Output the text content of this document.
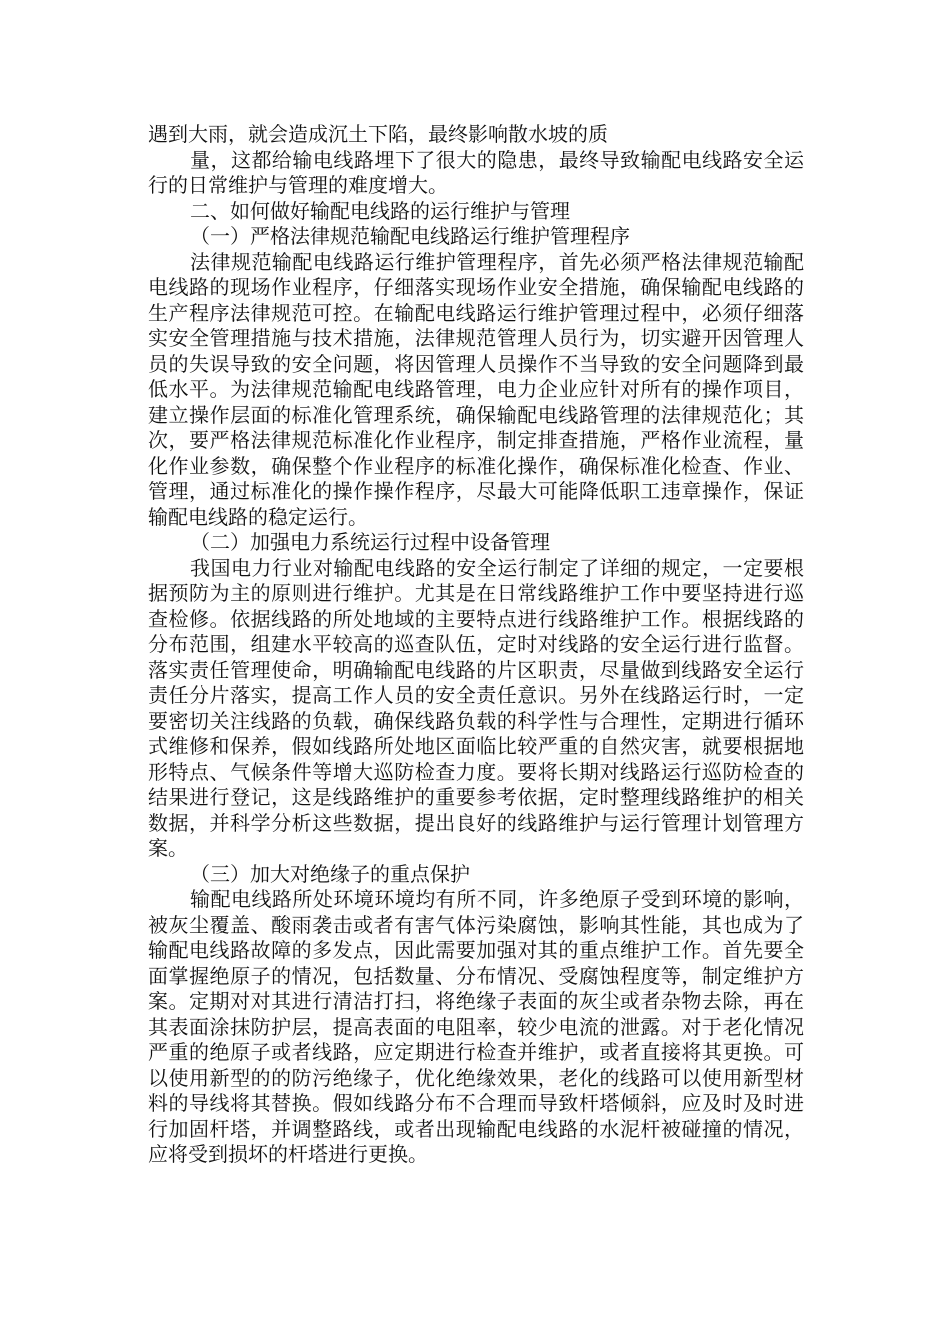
遇到大雨，就会造成沉土下陷，最终影响散水坡的质

量，这都给输电线路埋下了很大的隐患，最终导致输配电线路安全运行的日常维护与管理的难度增大。

二、如何做好输配电线路的运行维护与管理

（一）严格法律规范输配电线路运行维护管理程序

法律规范输配电线路运行维护管理程序，首先必须严格法律规范输配电线路的现场作业程序，仔细落实现场作业安全措施，确保输配电线路的生产程序法律规范可控。在输配电线路运行维护管理过程中，必须仔细落实安全管理措施与技术措施，法律规范管理人员行为，切实避开因管理人员的失误导致的安全问题，将因管理人员操作不当导致的安全问题降到最低水平。为法律规范输配电线路管理，电力企业应针对所有的操作项目，建立操作层面的标准化管理系统，确保输配电线路管理的法律规范化；其次，要严格法律规范标准化作业程序，制定排查措施，严格作业流程，量化作业参数，确保整个作业程序的标准化操作，确保标准化检查、作业、管理，通过标准化的操作操作程序，尽最大可能降低职工违章操作，保证输配电线路的稳定运行。

（二）加强电力系统运行过程中设备管理

我国电力行业对输配电线路的安全运行制定了详细的规定，一定要根据预防为主的原则进行维护。尤其是在日常线路维护工作中要坚持进行巡查检修。依据线路的所处地域的主要特点进行线路维护工作。根据线路的分布范围，组建水平较高的巡查队伍，定时对线路的安全运行进行监督。落实责任管理使命，明确输配电线路的片区职责，尽量做到线路安全运行责任分片落实，提高工作人员的安全责任意识。另外在线路运行时，一定要密切关注线路的负载，确保线路负载的科学性与合理性，定期进行循环式维修和保养，假如线路所处地区面临比较严重的自然灾害，就要根据地形特点、气候条件等增大巡防检查力度。要将长期对线路运行巡防检查的结果进行登记，这是线路维护的重要参考依据，定时整理线路维护的相关数据，并科学分析这些数据，提出良好的线路维护与运行管理计划管理方案。

（三）加大对绝缘子的重点保护

输配电线路所处环境环境均有所不同，许多绝原子受到环境的影响，被灰尘覆盖、酸雨袭击或者有害气体污染腐蚀，影响其性能，其也成为了输配电线路故障的多发点，因此需要加强对其的重点维护工作。首先要全面掌握绝原子的情况，包括数量、分布情况、受腐蚀程度等，制定维护方案。定期对对其进行清洁打扫，将绝缘子表面的灰尘或者杂物去除，再在其表面涂抹防护层，提高表面的电阻率，较少电流的泄露。对于老化情况严重的绝原子或者线路，应定期进行检查并维护，或者直接将其更换。可以使用新型的的防污绝缘子，优化绝缘效果，老化的线路可以使用新型材料的导线将其替换。假如线路分布不合理而导致杆塔倾斜，应及时及时进行加固杆塔，并调整路线，或者出现输配电线路的水泥杆被碰撞的情况，应将受到损坏的杆塔进行更换。
